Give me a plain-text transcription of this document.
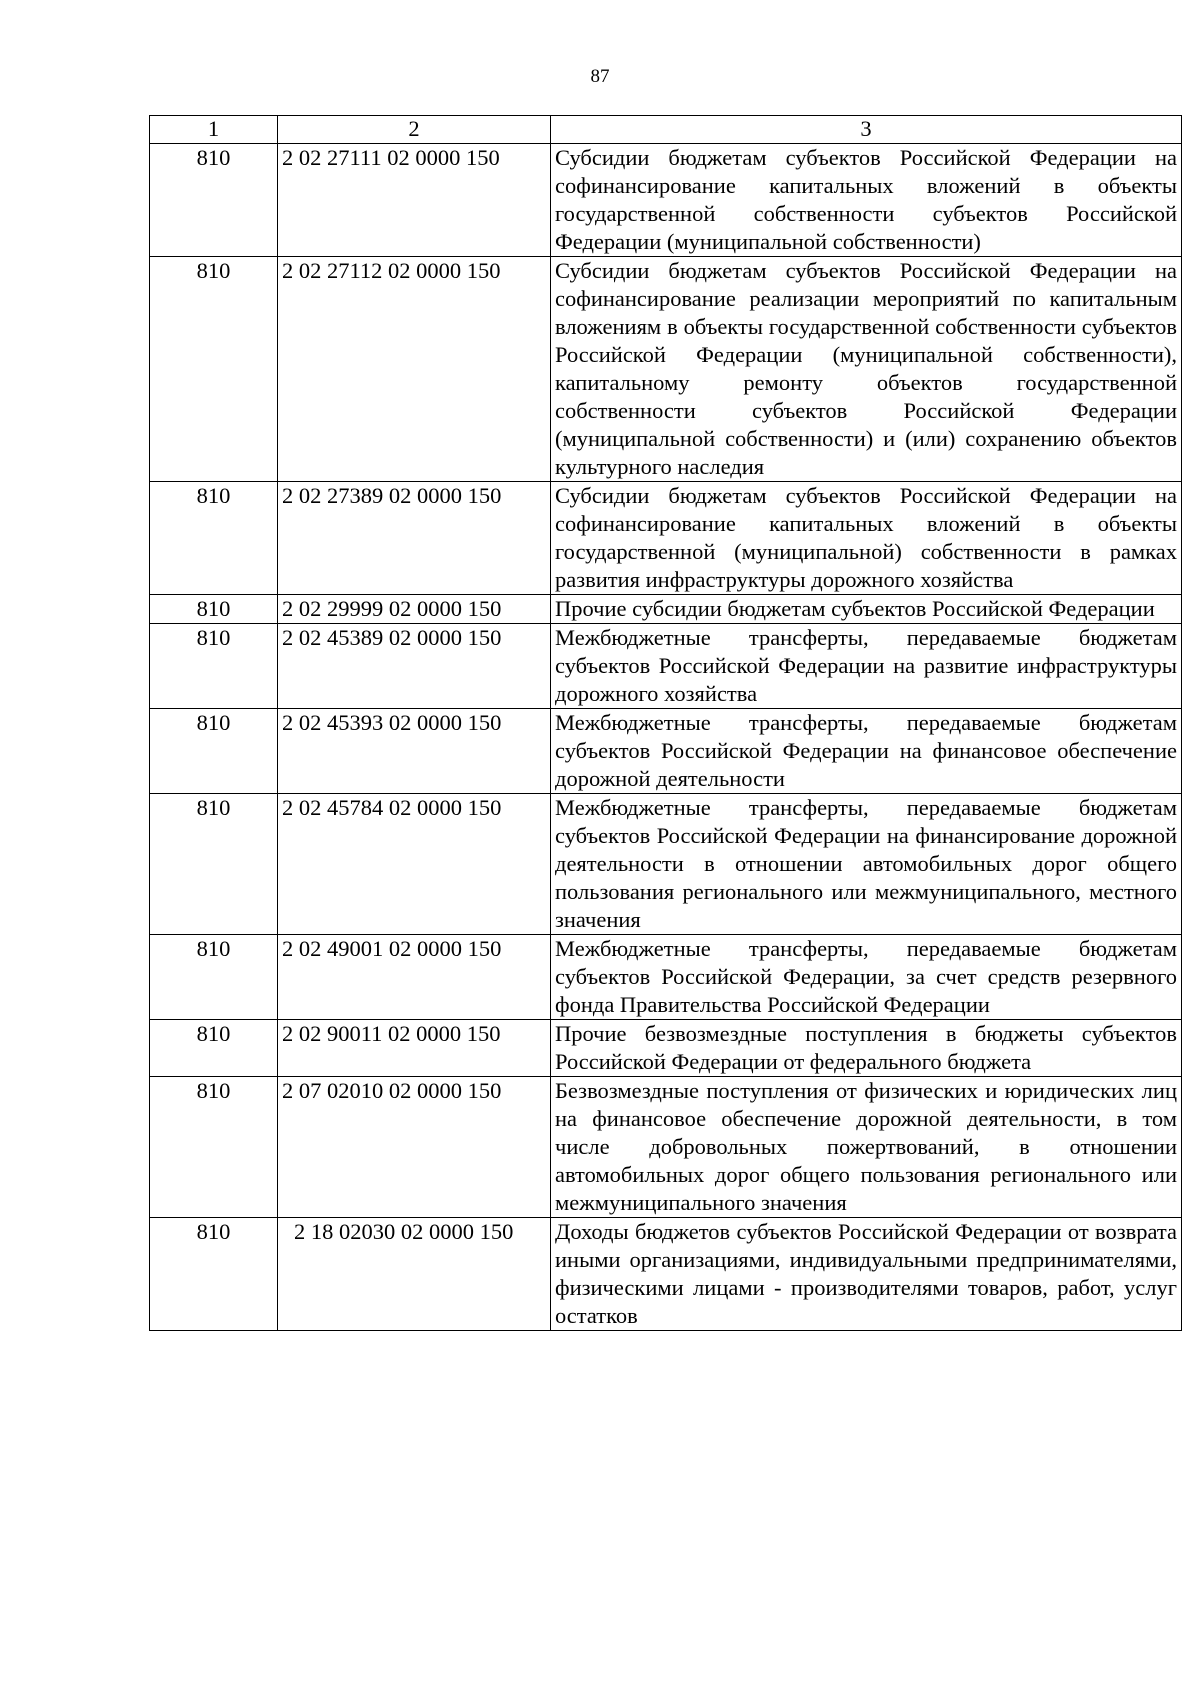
87
1	2	3
810	2 02 27111 02 0000 150	Субсидии бюджетам субъектов Российской Федерации на софинансирование капитальных вложений в объекты государственной собственности субъектов Российской Федерации (муниципальной собственности)
810	2 02 27112 02 0000 150	Субсидии бюджетам субъектов Российской Федерации на софинансирование реализации мероприятий по капитальным вложениям в объекты государственной собственности субъектов Российской Федерации (муниципальной собственности), капитальному ремонту объектов государственной собственности субъектов Российской Федерации (муниципальной собственности) и (или) сохранению объектов культурного наследия
810	2 02 27389 02 0000 150	Субсидии бюджетам субъектов Российской Федерации на софинансирование капитальных вложений в объекты государственной (муниципальной) собственности в рамках развития инфраструктуры дорожного хозяйства
810	2 02 29999 02 0000 150	Прочие субсидии бюджетам субъектов Российской Федерации
810	2 02 45389 02 0000 150	Межбюджетные трансферты, передаваемые бюджетам субъектов Российской Федерации на развитие инфраструктуры дорожного хозяйства
810	2 02 45393 02 0000 150	Межбюджетные трансферты, передаваемые бюджетам субъектов Российской Федерации на финансовое обеспечение дорожной деятельности
810	2 02 45784 02 0000 150	Межбюджетные трансферты, передаваемые бюджетам субъектов Российской Федерации на финансирование дорожной деятельности в отношении автомобильных дорог общего пользования регионального или межмуниципального, местного значения
810	2 02 49001 02 0000 150	Межбюджетные трансферты, передаваемые бюджетам субъектов Российской Федерации, за счет средств резервного фонда Правительства Российской Федерации
810	2 02 90011 02 0000 150	Прочие безвозмездные поступления в бюджеты субъектов Российской Федерации от федерального бюджета
810	2 07 02010 02 0000 150	Безвозмездные поступления от физических и юридических лиц на финансовое обеспечение дорожной деятельности, в том числе добровольных пожертвований, в отношении автомобильных дорог общего пользования регионального или межмуниципального значения
810	2 18 02030 02 0000 150	Доходы бюджетов субъектов Российской Федерации от возврата иными организациями, индивидуальными предпринимателями, физическими лицами - производителями товаров, работ, услуг остатков
